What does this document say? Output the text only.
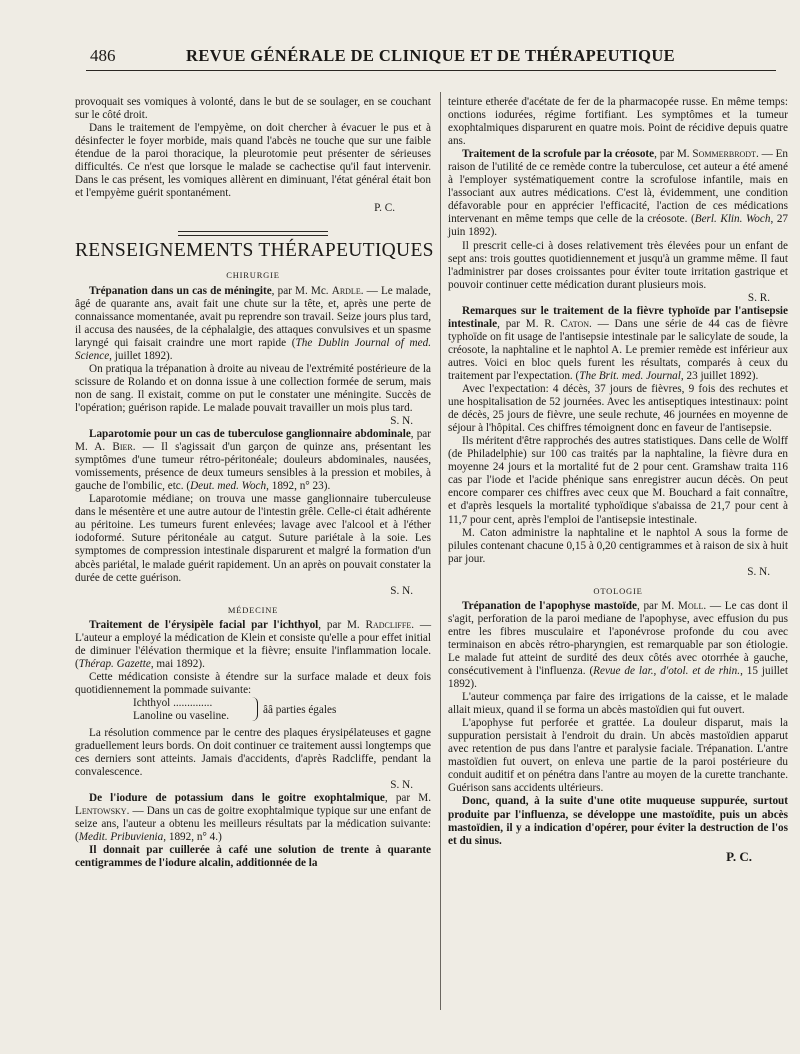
486	REVUE GÉNÉRALE DE CLINIQUE ET DE THÉRAPEUTIQUE

provoquait ses vomiques à volonté, dans le but de se soulager, en se couchant sur le côté droit.

Dans le traitement de l'empyème, on doit chercher à évacuer le pus et à désinfecter le foyer morbide, mais quand l'abcès ne touche que sur une faible étendue de la paroi thoracique, la pleurotomie peut présenter de sérieuses difficultés. Ce n'est que lorsque le malade se cachectise qu'il faut intervenir. Dans le cas présent, les vomiques allèrent en diminuant, l'état général était bon et l'empyème guérit spontanément.

P. C.
RENSEIGNEMENTS THÉRAPEUTIQUES
CHIRURGIE

Trépanation dans un cas de méningite, par M. Mc. Ardle. — Le malade, âgé de quarante ans, avait fait une chute sur la tête, et, après une perte de connaissance momentanée, avait pu reprendre son travail. Seize jours plus tard, il accusa des nausées, de la céphalalgie, des attaques convulsives et un spasme laryngé qui faisait craindre une mort rapide (The Dublin Journal of med. Science, juillet 1892).

On pratiqua la trépanation à droite au niveau de l'extrémité postérieure de la scissure de Rolando et on donna issue à une collection formée de serum, mais non de sang. Il existait, comme on put le constater une méningite. Succès de l'opération; guérison rapide. Le malade pouvait travailler un mois plus tard.

S. N.

Laparotomie pour un cas de tuberculose ganglionnaire abdominale, par M. A. Bier. — Il s'agissait d'un garçon de quinze ans, présentant les symptômes d'une tumeur rétro-péritonéale; douleurs abdominales, nausées, vomissements, présence de deux tumeurs sensibles à la pression et mobiles, à gauche de l'ombilic, etc. (Deut. med. Woch, 1892, n° 23).

Laparotomie médiane; on trouva une masse ganglionnaire tuberculeuse dans le mésentère et une autre autour de l'intestin grêle. Celle-ci était adhérente au péritoine. Les tumeurs furent enlevées; lavage avec l'alcool et à l'éther iodoformé. Suture péritonéale au catgut. Suture pariétale à la soie. Les symptomes de compression intestinale disparurent et malgré la formation d'un abcès pariétal, le malade guérit rapidement. Un an après on pouvait constater la durée de cette guérison.

S. N.
MÉDECINE

Traitement de l'érysipèle facial par l'ichthyol, par M. Radcliffe. — L'auteur a employé la médication de Klein et consiste qu'elle a pour effet initial de diminuer l'élévation thermique et la fièvre; ensuite l'inflammation locale. (Thérap. Gazette, mai 1892).

Cette médication consiste à étendre sur la surface malade et deux fois quotidiennement la pommade suivante:

Ichthyol ..............
Lanoline ou vaseline.	ââ parties égales

La résolution commence par le centre des plaques érysipélateuses et gagne graduellement leurs bords. On doit continuer ce traitement aussi longtemps que ces derniers sont atteints. Jamais d'accidents, d'après Radcliffe, pendant la convalescence.

S. N.

De l'iodure de potassium dans le goitre exophtalmique, par M. Lentowsky. — Dans un cas de goitre exophtalmique typique sur une enfant de seize ans, l'auteur a obtenu les meilleurs résultats par la médication suivante: (Medit. Pribuvienia, 1892, n° 4.)

Il donnait par cuillerée à café une solution de trente à quarante centigrammes de l'iodure alcalin, additionnée de la

teinture etherée d'acétate de fer de la pharmacopée russe. En même temps: onctions iodurées, régime fortifiant. Les symptômes et la tumeur exophtalmiques disparurent en quatre mois. Point de récidive depuis quatre ans.

Traitement de la scrofule par la créosote, par M. Sommerbrodt. — En raison de l'utilité de ce remède contre la tuberculose, cet auteur a été amené à l'employer systématiquement contre la scrofulose infantile, mais en l'associant aux autres médications. C'est là, évidemment, une condition défavorable pour en apprécier l'efficacité, l'action de ces médications intervenant en même temps que celle de la créosote. (Berl. Klin. Woch, 27 juin 1892).

Il prescrit celle-ci à doses relativement très élevées pour un enfant de sept ans: trois gouttes quotidiennement et jusqu'à un gramme même. Il faut l'administrer par doses croissantes pour éviter toute irritation gastrique et pouvoir continuer cette médication durant plusieurs mois.

S. R.

Remarques sur le traitement de la fièvre typhoïde par l'antisepsie intestinale, par M. R. Caton. — Dans une série de 44 cas de fièvre typhoïde on fit usage de l'antisepsie intestinale par le salicylate de soude, la créosote, la naphtaline et le naphtol A. Le premier remède est inférieur aux autres. Voici en bloc quels furent les résultats, comparés à ceux du traitement par l'expectation. (The Brit. med. Journal, 23 juillet 1892).

Avec l'expectation: 4 décès, 37 jours de fièvres, 9 fois des rechutes et une hospitalisation de 52 journées. Avec les antiseptiques intestinaux: point de décès, 25 jours de fièvre, une seule rechute, 46 journées en moyenne de séjour à l'hôpital. Ces chiffres témoignent donc en faveur de l'antisepsie.

Ils méritent d'être rapprochés des autres statistiques. Dans celle de Wolff (de Philadelphie) sur 100 cas traités par la naphtaline, la fièvre dura en moyenne 24 jours et la mortalité fut de 2 pour cent. Gramshaw traita 116 cas par l'iode et l'acide phénique sans enregistrer aucun décès. On peut encore comparer ces chiffres avec ceux que M. Bouchard a fait connaître, et d'après lesquels la mortalité typhoïdique s'abaissa de 21,7 pour cent à 11,7 pour cent, après l'emploi de l'antisepsie intestinale.

M. Caton administre la naphtaline et le naphtol A sous la forme de pilules contenant chacune 0,15 à 0,20 centigrammes et à raison de six à huit par jour.

S. N.
OTOLOGIE

Trépanation de l'apophyse mastoïde, par M. Moll. — Le cas dont il s'agit, perforation de la paroi mediane de l'apophyse, avec effusion du pus entre les fibres musculaire et l'aponévrose profonde du cou avec terminaison en abcès rétro-pharyngien, est remarquable par son étiologie. Le malade fut atteint de surdité des deux côtés avec otorrhée à gauche, consécutivement à l'influenza. (Revue de lar., d'otol. et de rhin., 15 juillet 1892).

L'auteur commença par faire des irrigations de la caisse, et le malade allait mieux, quand il se forma un abcès mastoïdien qui fut ouvert.

L'apophyse fut perforée et grattée. La douleur disparut, mais la suppuration persistait à l'endroit du drain. Un abcès mastoïdien apparut avec retention de pus dans l'antre et paralysie faciale. Trépanation. L'antre mastoïdien fut ouvert, on enleva une partie de la paroi postérieure du conduit auditif et on pénétra dans l'antre au moyen de la curette tranchante. Guérison sans accidents ultérieurs.

Donc, quand, à la suite d'une otite muqueuse suppurée, surtout produite par l'influenza, se développe une mastoïdite, puis un abcès mastoïdien, il y a indication d'opérer, pour éviter la destruction de l'os et du sinus.

P. C.
